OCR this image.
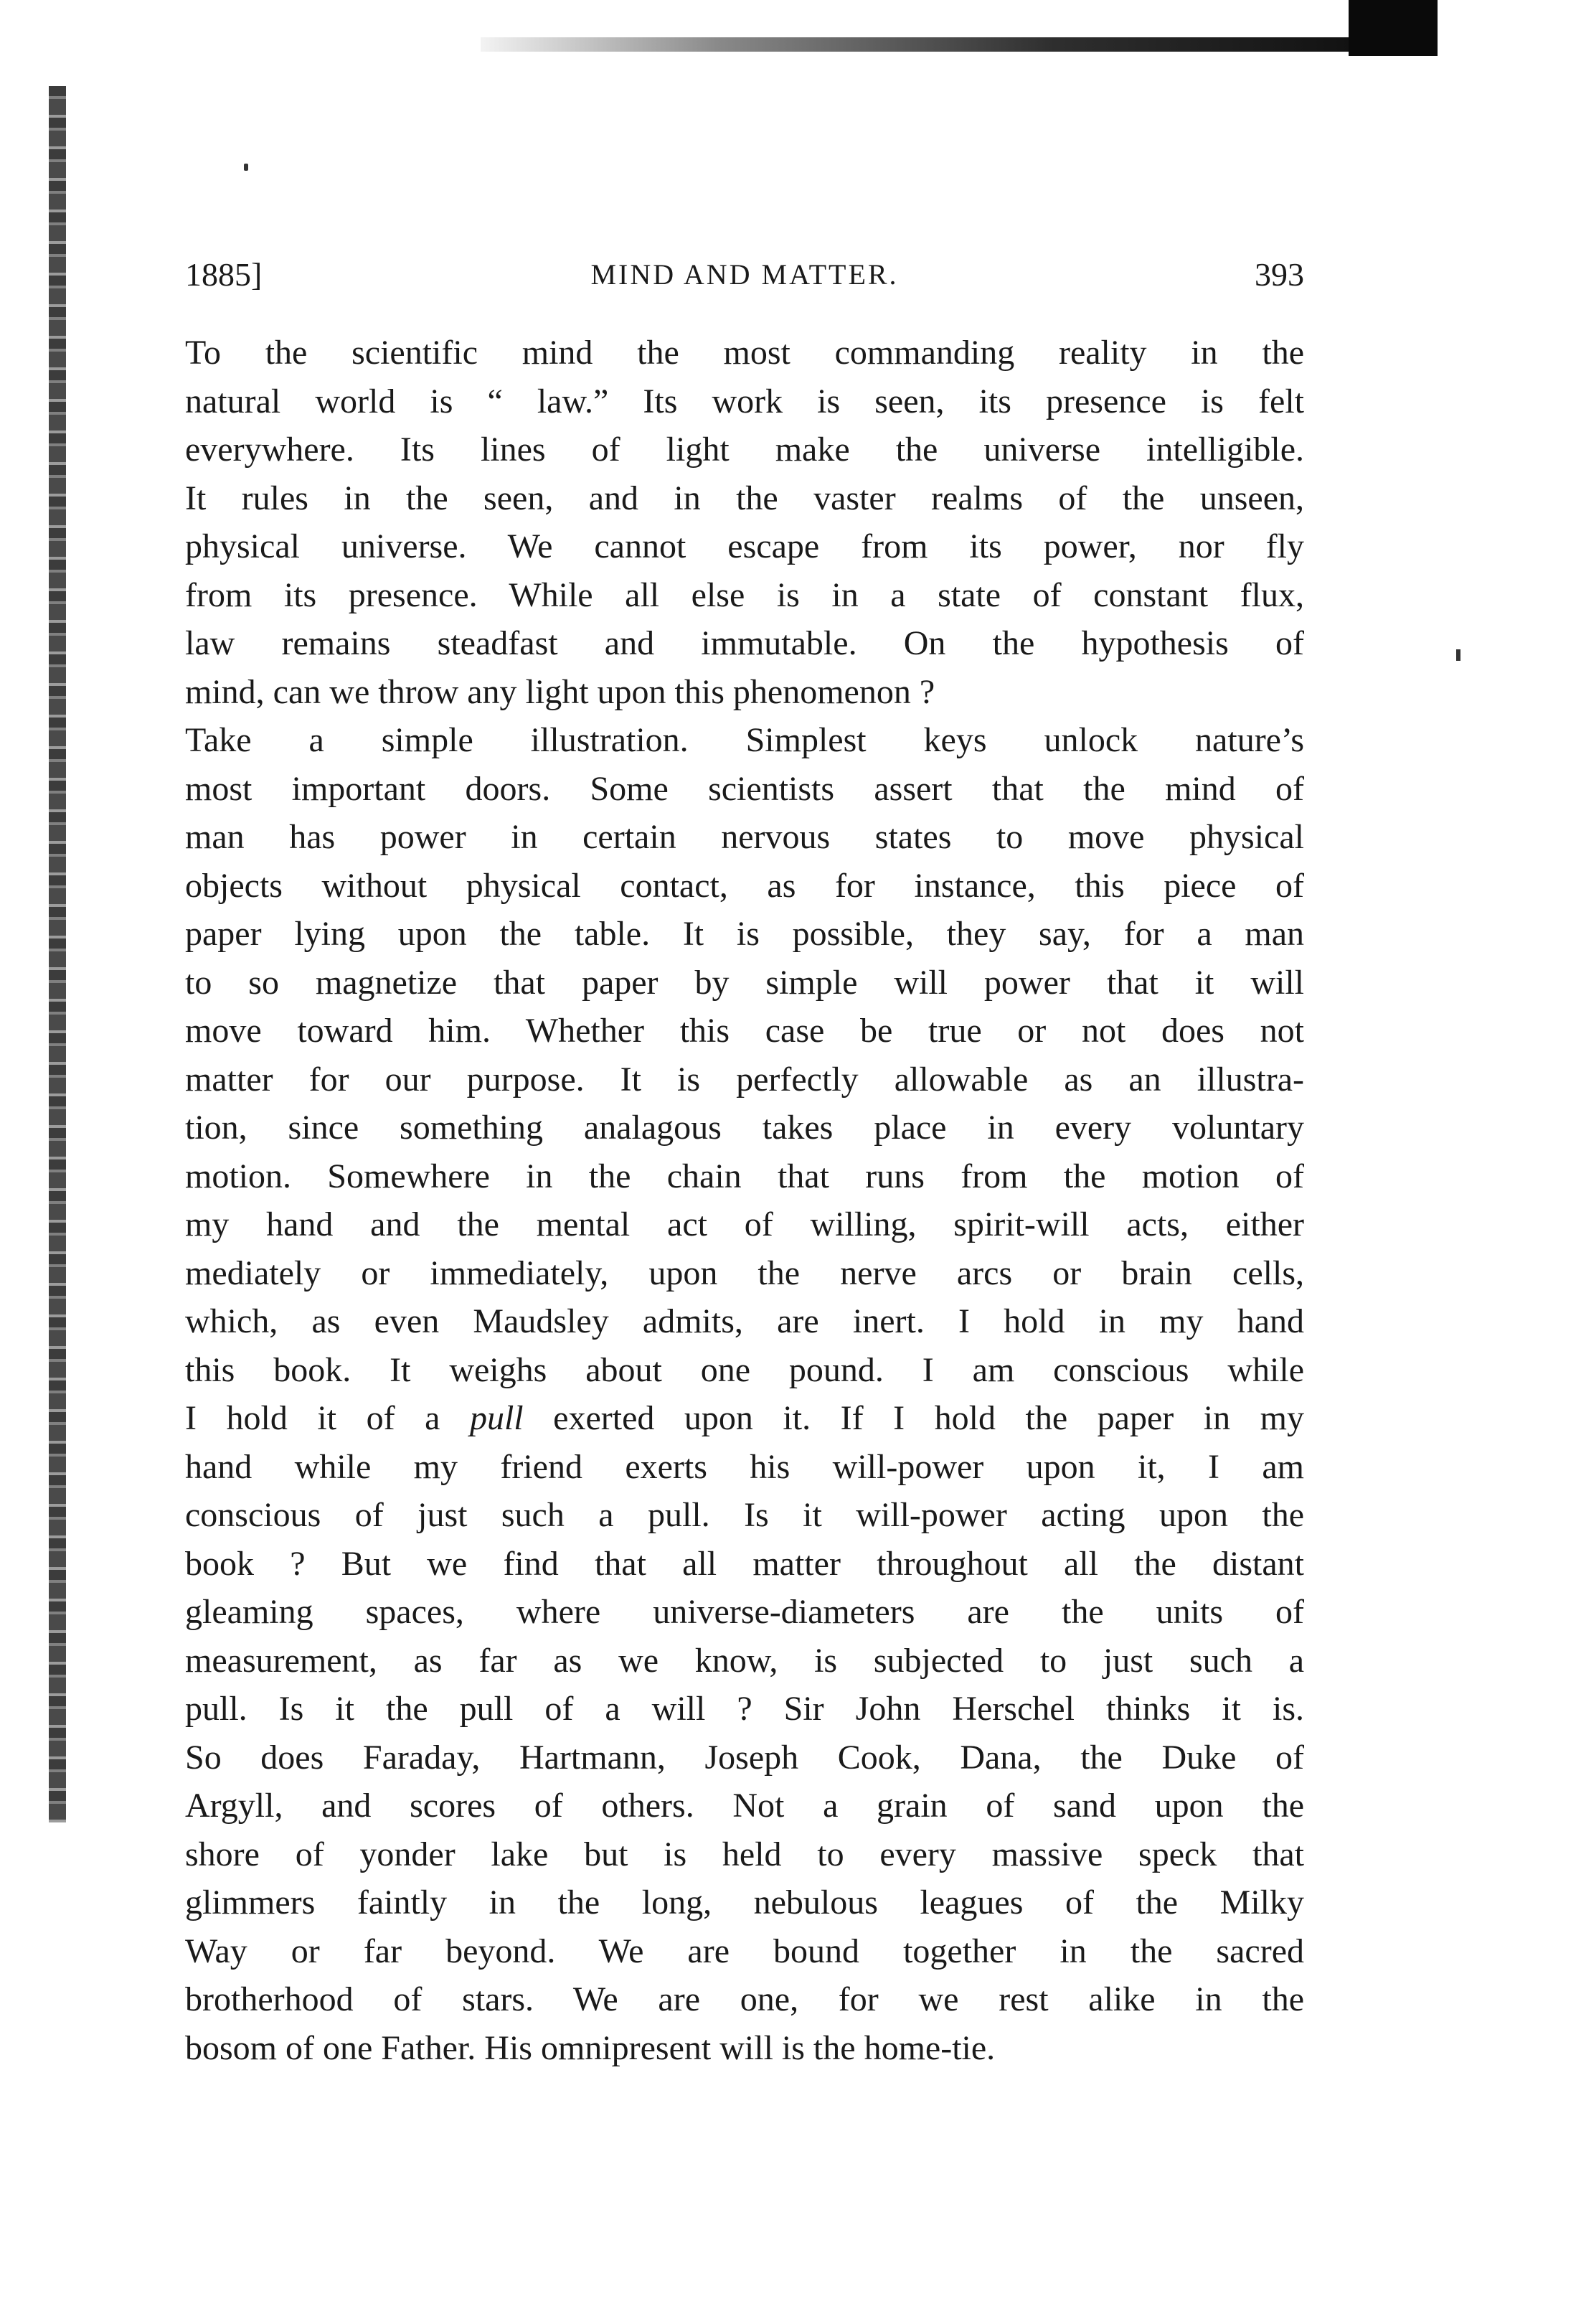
1885]	MIND AND MATTER.	393

To the scientific mind the most commanding reality in the
natural world is “ law.” Its work is seen, its presence is felt
everywhere. Its lines of light make the universe intelligible.
It rules in the seen, and in the vaster realms of the unseen,
physical universe. We cannot escape from its power, nor fly
from its presence. While all else is in a state of constant flux,
law remains steadfast and immutable. On the hypothesis of
mind, can we throw any light upon this phenomenon ?

Take a simple illustration. Simplest keys unlock nature’s
most important doors. Some scientists assert that the mind of
man has power in certain nervous states to move physical
objects without physical contact, as for instance, this piece of
paper lying upon the table. It is possible, they say, for a man
to so magnetize that paper by simple will power that it will
move toward him. Whether this case be true or not does not
matter for our purpose. It is perfectly allowable as an illustra-
tion, since something analagous takes place in every voluntary
motion. Somewhere in the chain that runs from the motion of
my hand and the mental act of willing, spirit-will acts, either
mediately or immediately, upon the nerve arcs or brain cells,
which, as even Maudsley admits, are inert. I hold in my hand
this book. It weighs about one pound. I am conscious while
I hold it of a pull exerted upon it. If I hold the paper in my
hand while my friend exerts his will-power upon it, I am
conscious of just such a pull. Is it will-power acting upon the
book ? But we find that all matter throughout all the distant
gleaming spaces, where universe-diameters are the units of
measurement, as far as we know, is subjected to just such a
pull. Is it the pull of a will ? Sir John Herschel thinks it is.
So does Faraday, Hartmann, Joseph Cook, Dana, the Duke of
Argyll, and scores of others. Not a grain of sand upon the
shore of yonder lake but is held to every massive speck that
glimmers faintly in the long, nebulous leagues of the Milky
Way or far beyond. We are bound together in the sacred
brotherhood of stars. We are one, for we rest alike in the
bosom of one Father. His omnipresent will is the home-tie.
